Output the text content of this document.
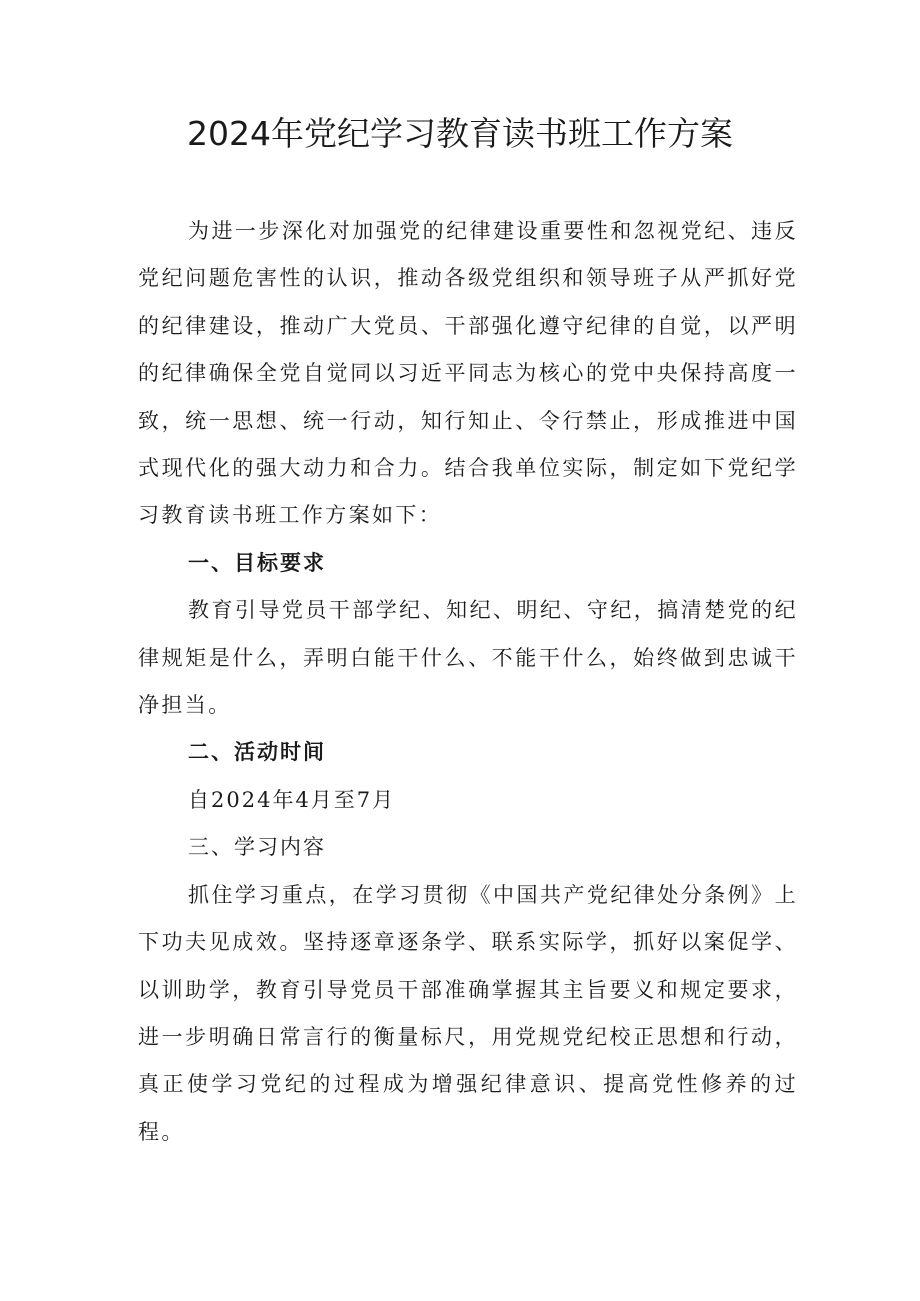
2024年党纪学习教育读书班工作方案

为进一步深化对加强党的纪律建设重要性和忽视党纪、违反党纪问题危害性的认识，推动各级党组织和领导班子从严抓好党的纪律建设，推动广大党员、干部强化遵守纪律的自觉，以严明的纪律确保全党自觉同以习近平同志为核心的党中央保持高度一致，统一思想、统一行动，知行知止、令行禁止，形成推进中国式现代化的强大动力和合力。结合我单位实际，制定如下党纪学习教育读书班工作方案如下：

一、目标要求

教育引导党员干部学纪、知纪、明纪、守纪，搞清楚党的纪律规矩是什么，弄明白能干什么、不能干什么，始终做到忠诚干净担当。

二、活动时间

自2024年4月至7月

三、学习内容

抓住学习重点，在学习贯彻《中国共产党纪律处分条例》上下功夫见成效。坚持逐章逐条学、联系实际学，抓好以案促学、以训助学，教育引导党员干部准确掌握其主旨要义和规定要求，进一步明确日常言行的衡量标尺，用党规党纪校正思想和行动，真正使学习党纪的过程成为增强纪律意识、提高党性修养的过程。
